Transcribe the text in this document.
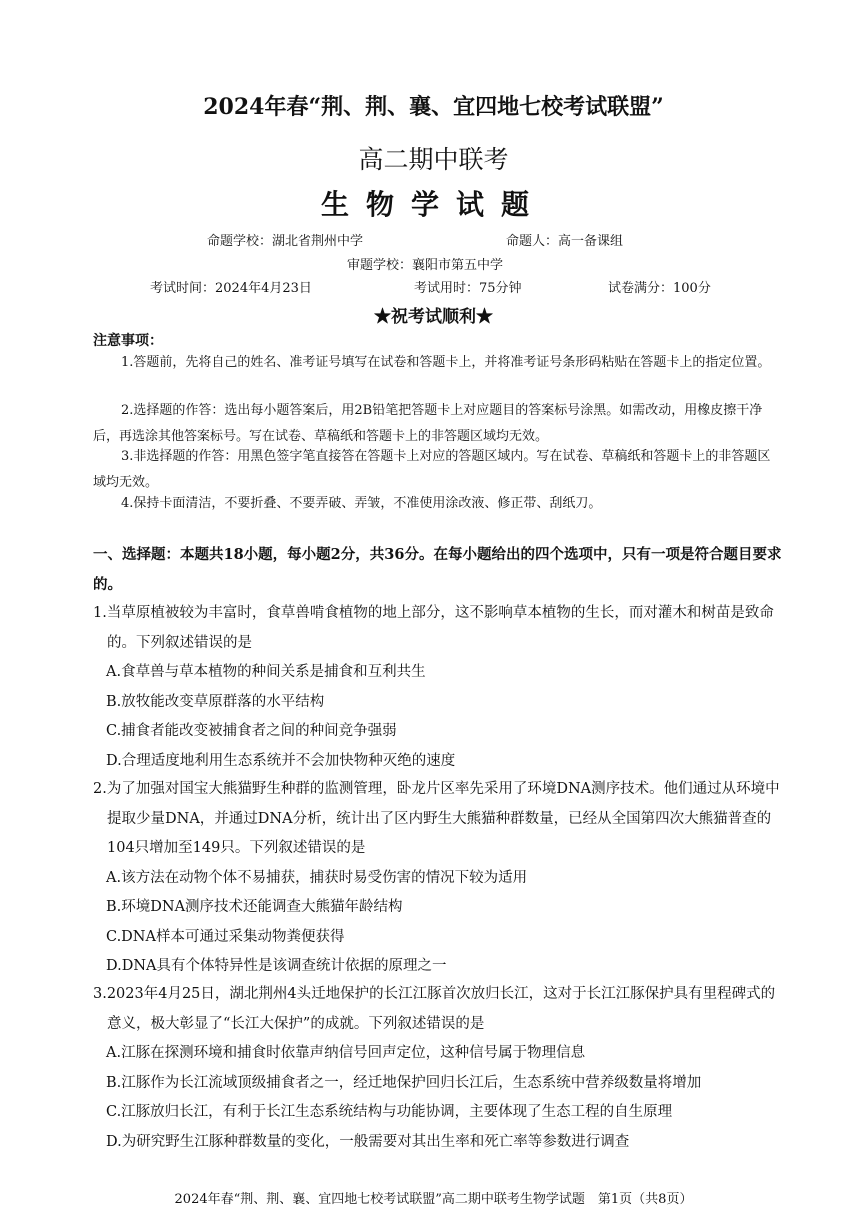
2024年春“荆、荆、襄、宜四地七校考试联盟”
高二期中联考
生物学试题
命题学校：湖北省荆州中学	命题人：高一备课组
审题学校：襄阳市第五中学
考试时间：2024年4月23日	考试用时：75分钟	试卷满分：100分
★祝考试顺利★
注意事项：
1.答题前，先将自己的姓名、准考证号填写在试卷和答题卡上，并将准考证号条形码粘贴在答题卡上的指定位置。
2.选择题的作答：选出每小题答案后，用2B铅笔把答题卡上对应题目的答案标号涂黑。如需改动，用橡皮擦干净后，再选涂其他答案标号。写在试卷、草稿纸和答题卡上的非答题区域均无效。
3.非选择题的作答：用黑色签字笔直接答在答题卡上对应的答题区域内。写在试卷、草稿纸和答题卡上的非答题区域均无效。
4.保持卡面清洁，不要折叠、不要弄破、弄皱，不准使用涂改液、修正带、刮纸刀。
一、选择题：本题共18小题，每小题2分，共36分。在每小题给出的四个选项中，只有一项是符合题目要求的。
1.当草原植被较为丰富时，食草兽啃食植物的地上部分，这不影响草本植物的生长，而对灌木和树苗是致命的。下列叙述错误的是
A.食草兽与草本植物的种间关系是捕食和互利共生
B.放牧能改变草原群落的水平结构
C.捕食者能改变被捕食者之间的种间竞争强弱
D.合理适度地利用生态系统并不会加快物种灭绝的速度
2.为了加强对国宝大熊猫野生种群的监测管理，卧龙片区率先采用了环境DNA测序技术。他们通过从环境中提取少量DNA，并通过DNA分析，统计出了区内野生大熊猫种群数量，已经从全国第四次大熊猫普查的104只增加至149只。下列叙述错误的是
A.该方法在动物个体不易捕获，捕获时易受伤害的情况下较为适用
B.环境DNA测序技术还能调查大熊猫年龄结构
C.DNA样本可通过采集动物粪便获得
D.DNA具有个体特异性是该调查统计依据的原理之一
3.2023年4月25日，湖北荆州4头迁地保护的长江江豚首次放归长江，这对于长江江豚保护具有里程碑式的意义，极大彰显了“长江大保护”的成就。下列叙述错误的是
A.江豚在探测环境和捕食时依靠声纳信号回声定位，这种信号属于物理信息
B.江豚作为长江流域顶级捕食者之一，经迁地保护回归长江后，生态系统中营养级数量将增加
C.江豚放归长江，有利于长江生态系统结构与功能协调，主要体现了生态工程的自生原理
D.为研究野生江豚种群数量的变化，一般需要对其出生率和死亡率等参数进行调查
2024年春“荆、荆、襄、宜四地七校考试联盟”高二期中联考生物学试题　第1页（共8页）
